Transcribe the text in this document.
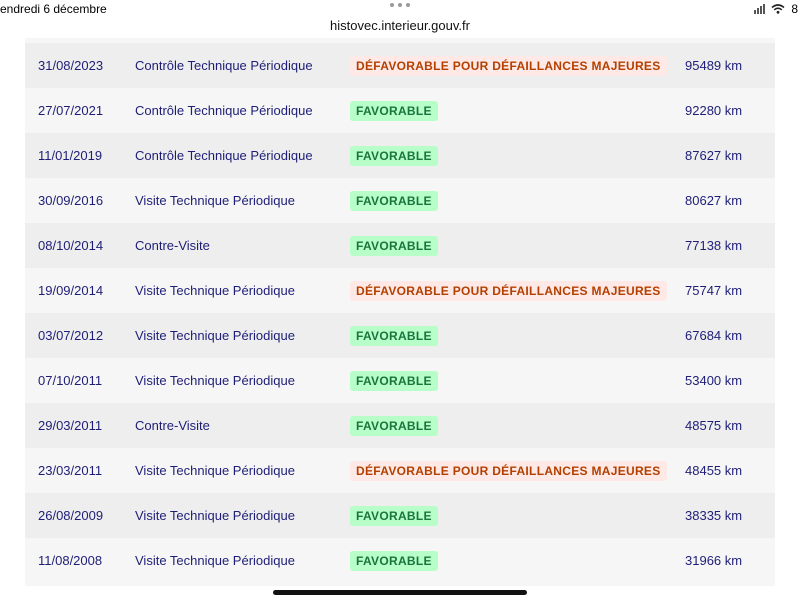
endredi 6 décembre	8
histovec.interieur.gouv.fr
31/08/2023 Contrôle Technique Périodique	DÉFAVORABLE POUR DÉFAILLANCES MAJEURES	95489 km
27/07/2021 Contrôle Technique Périodique	FAVORABLE	92280 km
11/01/2019	Contrôle Technique Périodique	FAVORABLE	87627 km
30/09/2016 Visite Technique Périodique	FAVORABLE	80627 km
08/10/2014 Contre-Visite	FAVORABLE	77138 km
19/09/2014 Visite Technique Périodique	DÉFAVORABLE POUR DÉFAILLANCES MAJEURES	75747 km
03/07/2012 Visite Technique Périodique	FAVORABLE	67684 km
07/10/2011	Visite Technique Périodique	FAVORABLE	53400 km
29/03/2011	Contre-Visite	FAVORABLE	48575 km
23/03/2011	Visite Technique Périodique	DÉFAVORABLE POUR DÉFAILLANCES MAJEURES	48455 km
26/08/2009 Visite Technique Périodique	FAVORABLE	38335 km
11/08/2008	Visite Technique Périodique	FAVORABLE	31966 km
